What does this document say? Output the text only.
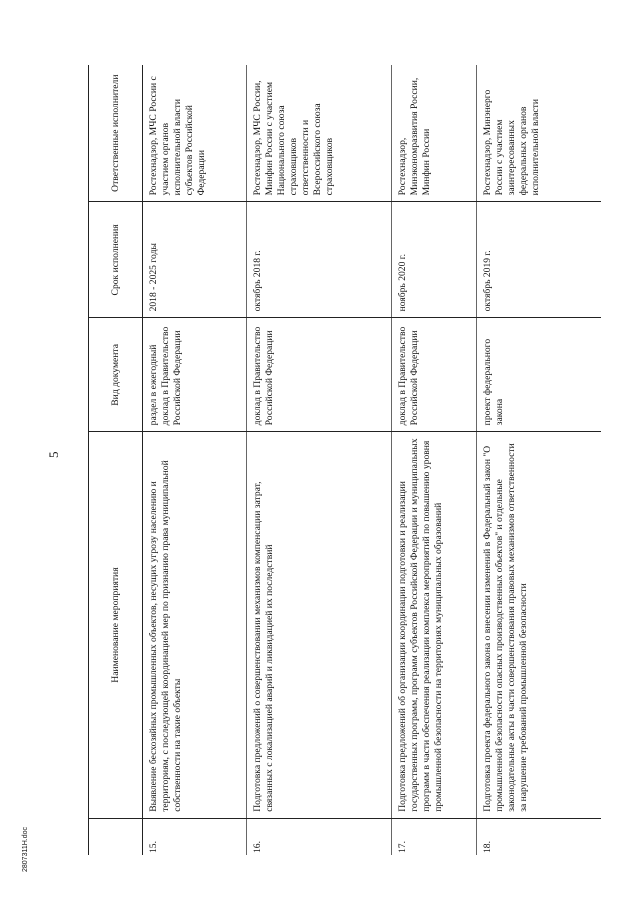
5
2807311H.doc
	Наименование мероприятия	Вид документа	Срок исполнения	Ответственные исполнители
15.	Выявление бесхозяйных промышленных объектов, несущих угрозу населению и территориям, с последующей координацией мер по признанию права муниципальной собственности на такие объекты	раздел в ежегодный доклад в Правительство Российской Федерации	2018 - 2025 годы	Ростехнадзор, МЧС России с участием органов исполнительной власти субъектов Российской Федерации
16.	Подготовка предложений о совершенствовании механизмов компенсации затрат, связанных с локализацией аварий и ликвидацией их последствий	доклад в Правительство Российской Федерации	октябрь 2018 г.	Ростехнадзор, МЧС России, Минфин России с участием Национального союза страховщиков ответственности и Всероссийского союза страховщиков
17.	Подготовка предложений об организации координации подготовки и реализации государственных программ, программ субъектов Российской Федерации и муниципальных программ в части обеспечения реализации комплекса мероприятий по повышению уровня промышленной безопасности на территориях муниципальных образований	доклад в Правительство Российской Федерации	ноябрь 2020 г.	Ростехнадзор, Минэкономразвития России, Минфин России
18.	Подготовка проекта федерального закона о внесении изменений в Федеральный закон "О промышленной безопасности опасных производственных объектов" и отдельные законодательные акты в части совершенствования правовых механизмов ответственности за нарушение требований промышленной безопасности	проект федерального закона	октябрь 2019 г.	Ростехнадзор, Минэнерго России с участием заинтересованных федеральных органов исполнительной власти
